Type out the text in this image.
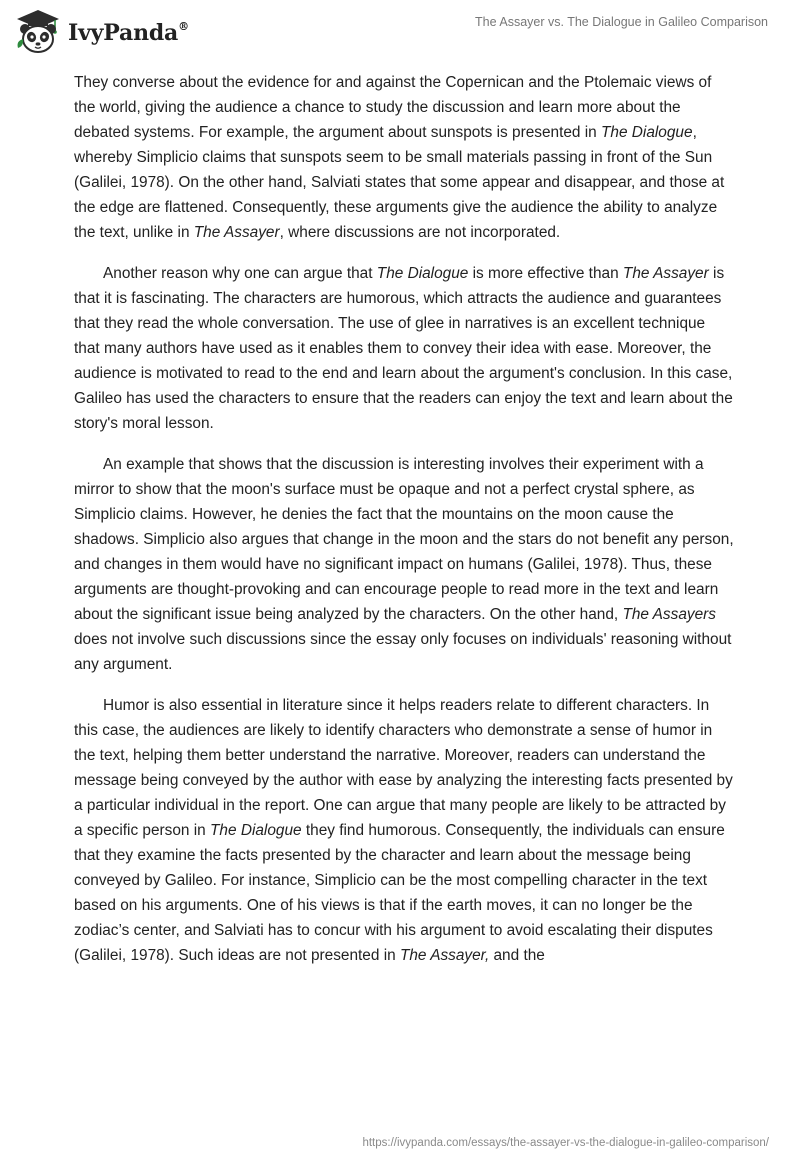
IvyPanda®	The Assayer vs. The Dialogue in Galileo Comparison

They converse about the evidence for and against the Copernican and the Ptolemaic views of the world, giving the audience a chance to study the discussion and learn more about the debated systems. For example, the argument about sunspots is presented in The Dialogue, whereby Simplicio claims that sunspots seem to be small materials passing in front of the Sun (Galilei, 1978). On the other hand, Salviati states that some appear and disappear, and those at the edge are flattened. Consequently, these arguments give the audience the ability to analyze the text, unlike in The Assayer, where discussions are not incorporated.

Another reason why one can argue that The Dialogue is more effective than The Assayer is that it is fascinating. The characters are humorous, which attracts the audience and guarantees that they read the whole conversation. The use of glee in narratives is an excellent technique that many authors have used as it enables them to convey their idea with ease. Moreover, the audience is motivated to read to the end and learn about the argument's conclusion. In this case, Galileo has used the characters to ensure that the readers can enjoy the text and learn about the story's moral lesson.

An example that shows that the discussion is interesting involves their experiment with a mirror to show that the moon's surface must be opaque and not a perfect crystal sphere, as Simplicio claims. However, he denies the fact that the mountains on the moon cause the shadows. Simplicio also argues that change in the moon and the stars do not benefit any person, and changes in them would have no significant impact on humans (Galilei, 1978). Thus, these arguments are thought-provoking and can encourage people to read more in the text and learn about the significant issue being analyzed by the characters. On the other hand, The Assayers does not involve such discussions since the essay only focuses on individuals' reasoning without any argument.

Humor is also essential in literature since it helps readers relate to different characters. In this case, the audiences are likely to identify characters who demonstrate a sense of humor in the text, helping them better understand the narrative. Moreover, readers can understand the message being conveyed by the author with ease by analyzing the interesting facts presented by a particular individual in the report. One can argue that many people are likely to be attracted by a specific person in The Dialogue they find humorous. Consequently, the individuals can ensure that they examine the facts presented by the character and learn about the message being conveyed by Galileo. For instance, Simplicio can be the most compelling character in the text based on his arguments. One of his views is that if the earth moves, it can no longer be the zodiac’s center, and Salviati has to concur with his argument to avoid escalating their disputes (Galilei, 1978). Such ideas are not presented in The Assayer, and the

https://ivypanda.com/essays/the-assayer-vs-the-dialogue-in-galileo-comparison/
